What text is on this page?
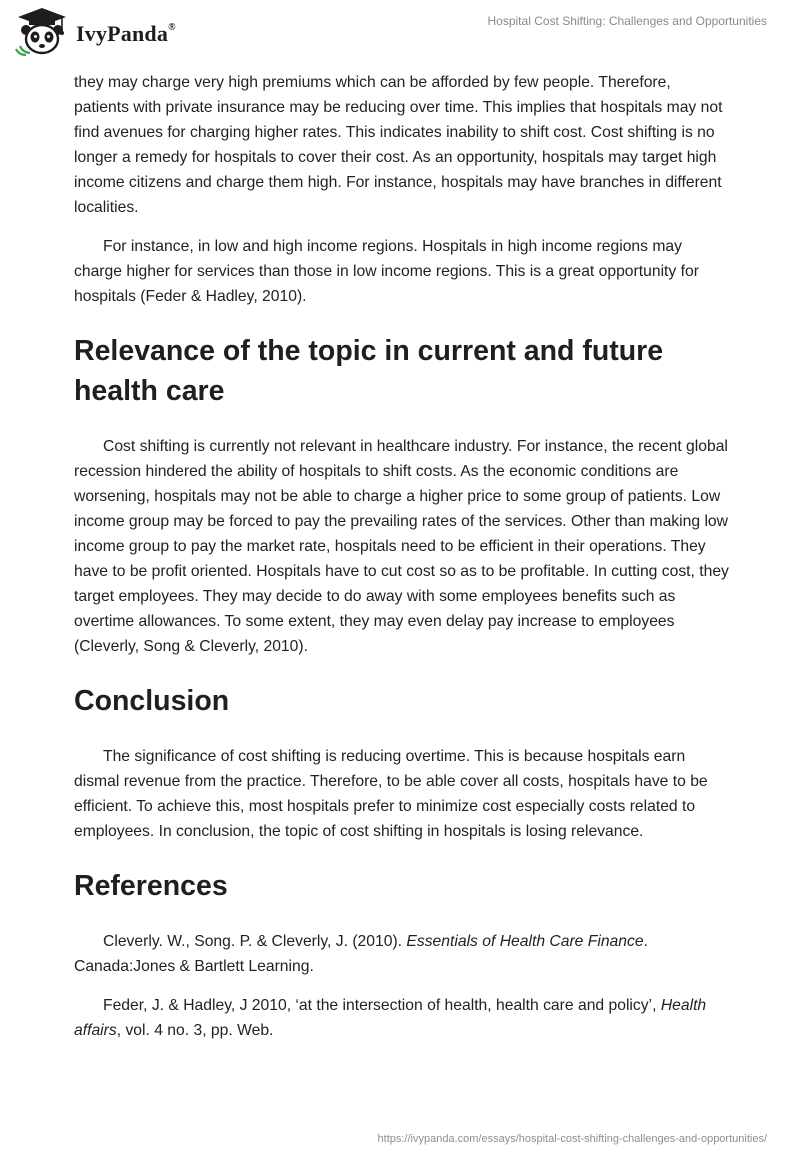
IvyPanda®	Hospital Cost Shifting: Challenges and Opportunities

they may charge very high premiums which can be afforded by few people. Therefore, patients with private insurance may be reducing over time. This implies that hospitals may not find avenues for charging higher rates. This indicates inability to shift cost. Cost shifting is no longer a remedy for hospitals to cover their cost. As an opportunity, hospitals may target high income citizens and charge them high. For instance, hospitals may have branches in different localities.

For instance, in low and high income regions. Hospitals in high income regions may charge higher for services than those in low income regions. This is a great opportunity for hospitals (Feder & Hadley, 2010).

Relevance of the topic in current and future health care

Cost shifting is currently not relevant in healthcare industry. For instance, the recent global recession hindered the ability of hospitals to shift costs. As the economic conditions are worsening, hospitals may not be able to charge a higher price to some group of patients. Low income group may be forced to pay the prevailing rates of the services. Other than making low income group to pay the market rate, hospitals need to be efficient in their operations. They have to be profit oriented. Hospitals have to cut cost so as to be profitable. In cutting cost, they target employees. They may decide to do away with some employees benefits such as overtime allowances. To some extent, they may even delay pay increase to employees (Cleverly, Song & Cleverly, 2010).

Conclusion

The significance of cost shifting is reducing overtime. This is because hospitals earn dismal revenue from the practice. Therefore, to be able cover all costs, hospitals have to be efficient. To achieve this, most hospitals prefer to minimize cost especially costs related to employees. In conclusion, the topic of cost shifting in hospitals is losing relevance.

References

Cleverly. W., Song. P. & Cleverly, J. (2010). Essentials of Health Care Finance. Canada:Jones & Bartlett Learning.

Feder, J. & Hadley, J 2010, ‘at the intersection of health, health care and policy’, Health affairs, vol. 4 no. 3, pp. Web.

https://ivypanda.com/essays/hospital-cost-shifting-challenges-and-opportunities/
